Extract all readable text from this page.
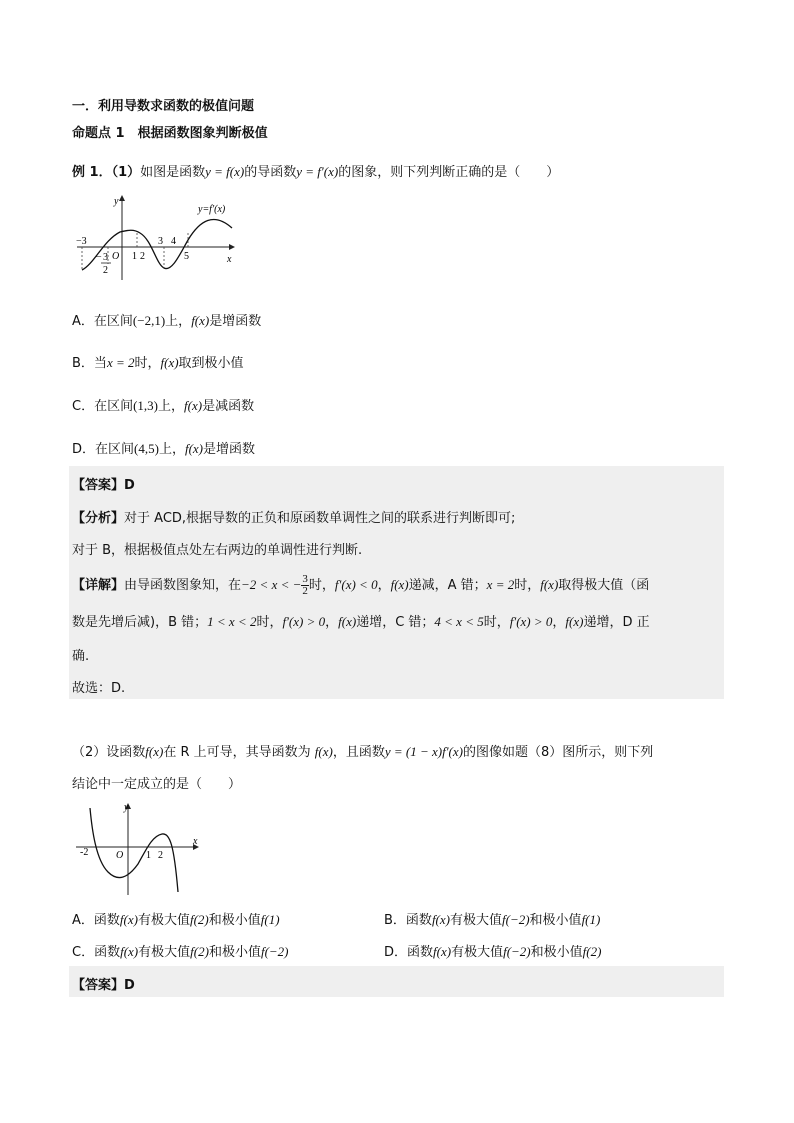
一．利用导数求函数的极值问题
命题点 1　根据函数图象判断极值
例 1．（1）如图是函数y = f(x)的导函数y = f′(x)的图象，则下列判断正确的是（　　）
y
x
y=f′(x)
O
−3
− 3
2
1 2
3 4
5
A．在区间(−2,1)上，f(x)是增函数
B．当x = 2时，f(x)取到极小值
C．在区间(1,3)上，f(x)是减函数
D．在区间(4,5)上，f(x)是增函数
【答案】D
【分析】对于 ACD,根据导数的正负和原函数单调性之间的联系进行判断即可;
对于 B，根据极值点处左右两边的单调性进行判断.
【详解】由导函数图象知，在−2 < x < − $\frac{3}{2}$ 时，f′(x) < 0，f(x)递减，A 错；x = 2时，f(x)取得极大值（函
数是先增后减)，B 错；1 < x < 2时，f′(x) > 0，f(x)递增，C 错；4 < x < 5时，f′(x) > 0，f(x)递增，D 正
确.
故选：D.
（2）设函数f(x)在 R 上可导，其导函数为 f(x)，且函数y = (1 − x)f′(x)的图像如题（8）图所示，则下列
结论中一定成立的是（　　）
y
x
O
-2	1 2
A．函数f(x)有极大值f(2)和极小值f(1)	B．函数f(x)有极大值f(−2)和极小值f(1)
C．函数f(x)有极大值f(2)和极小值f(−2)	D．函数f(x)有极大值f(−2)和极小值f(2)
【答案】D
